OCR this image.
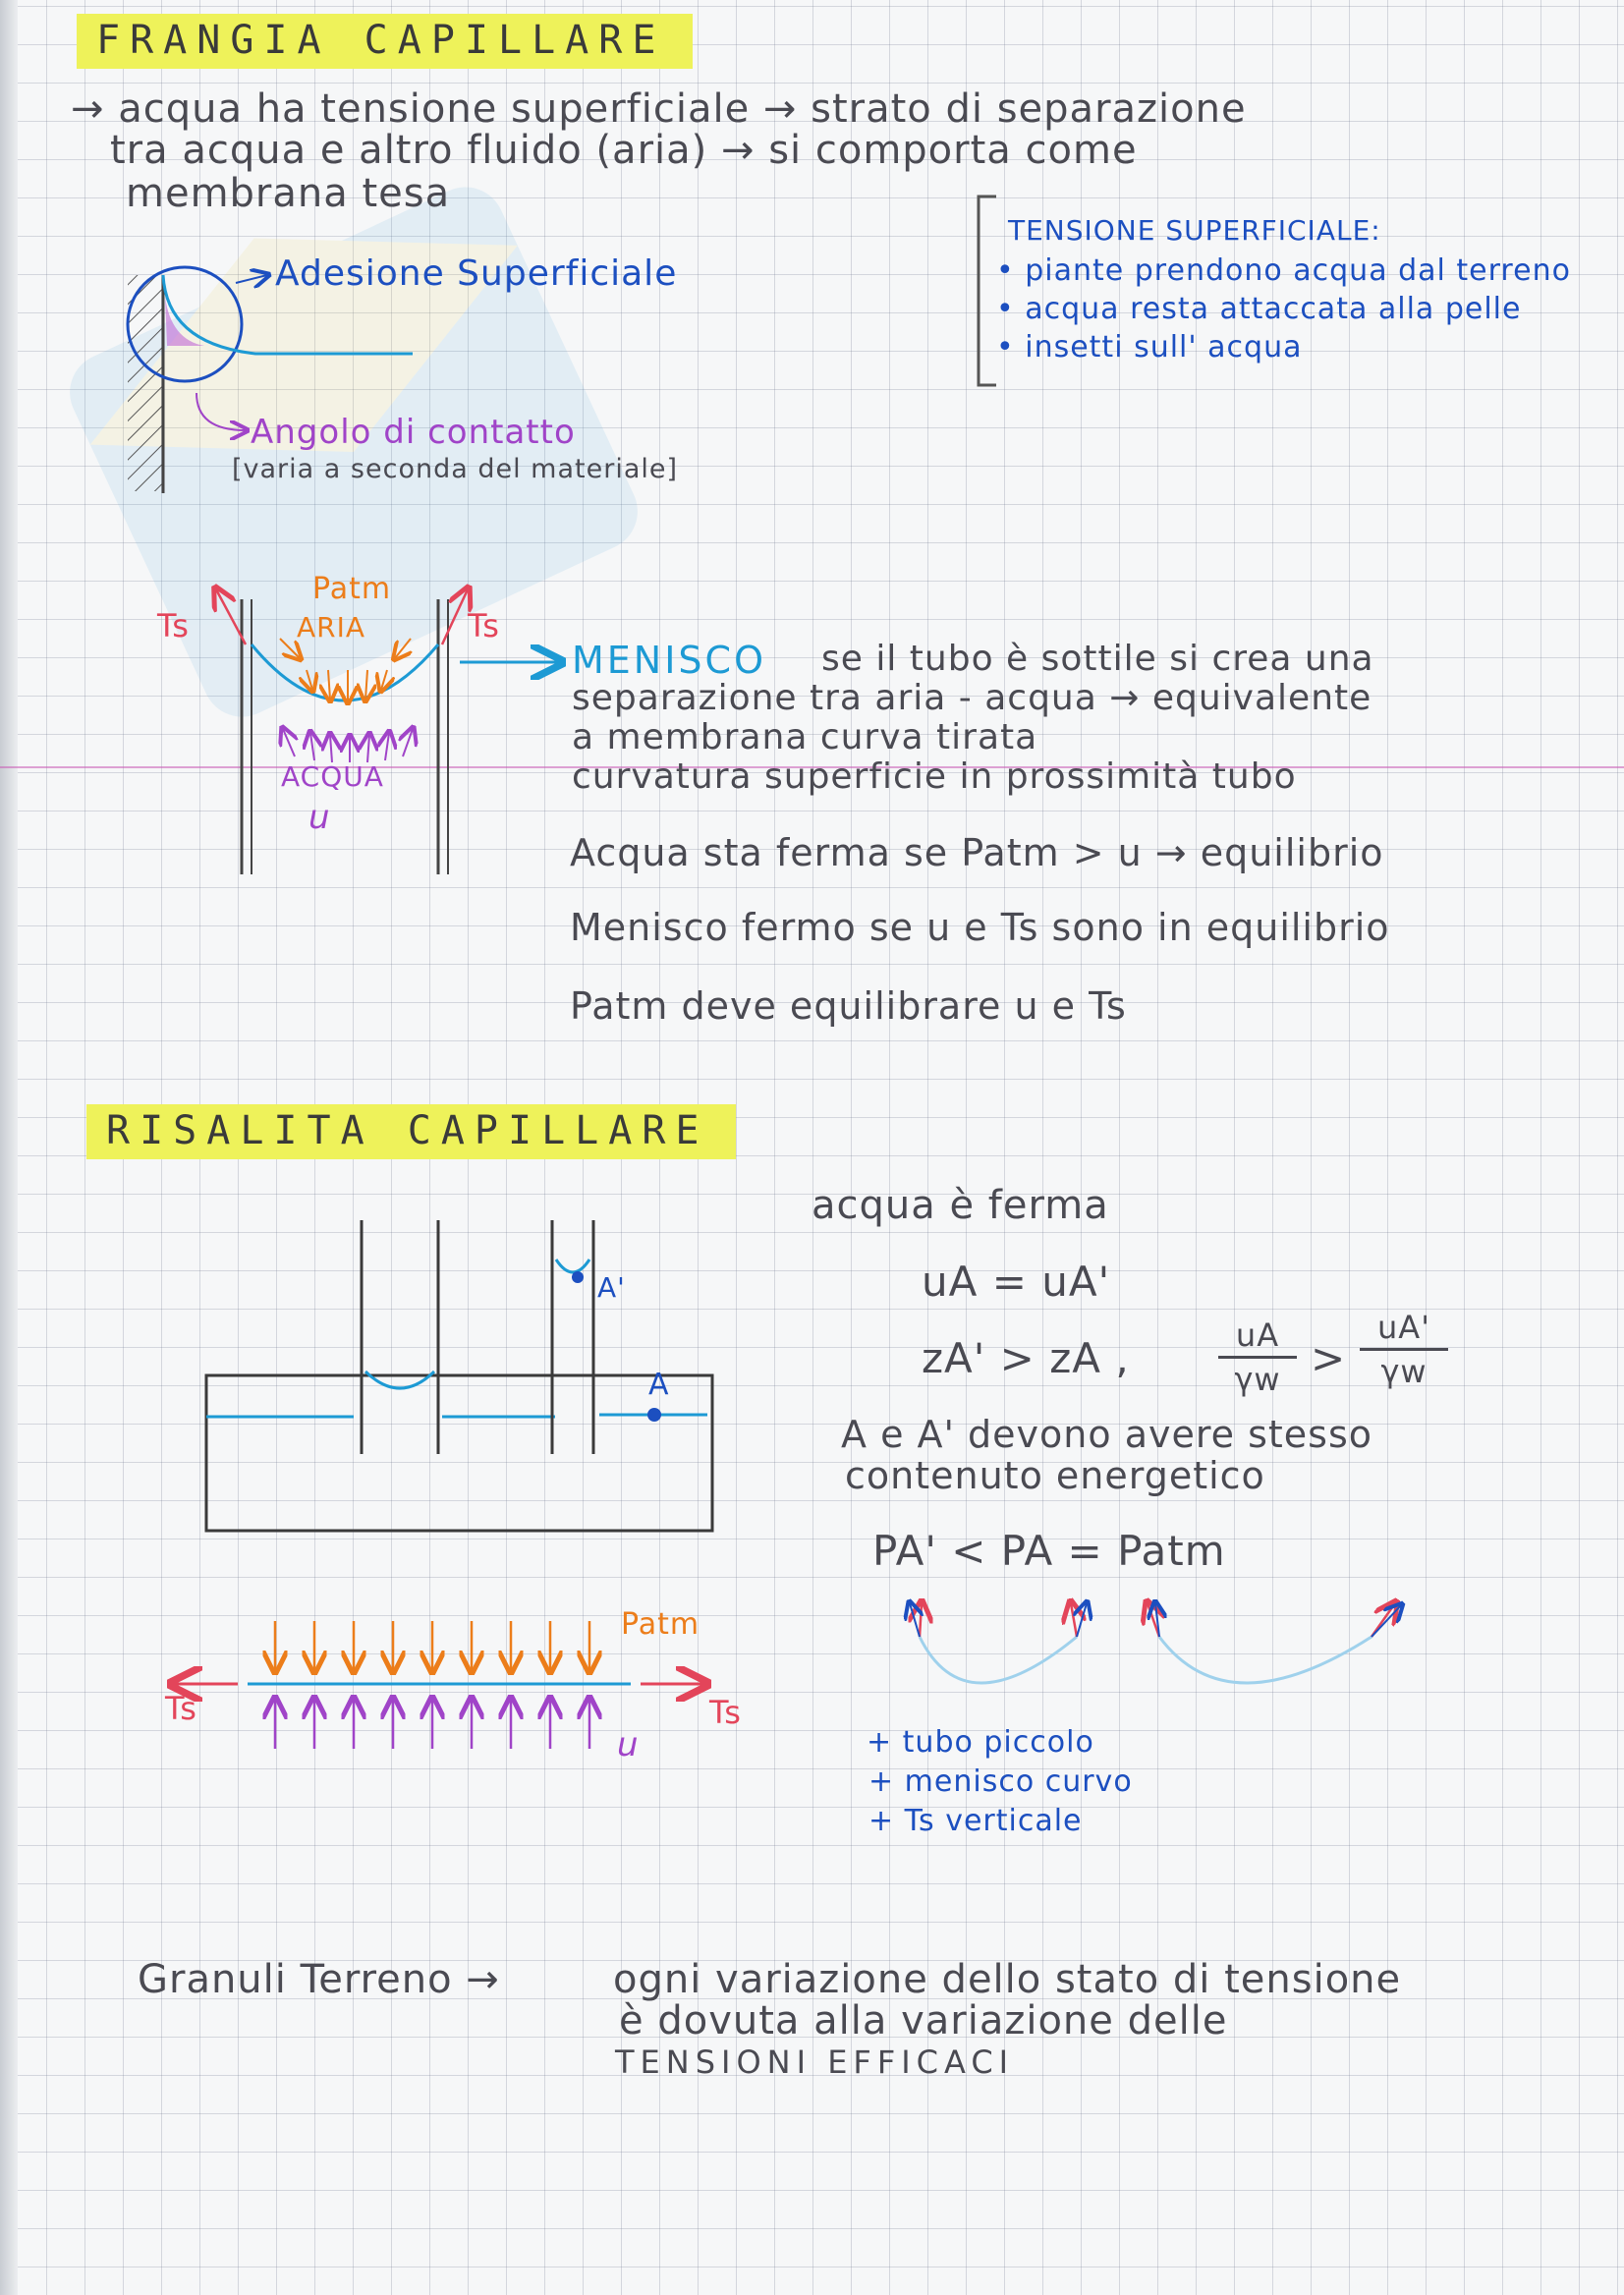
FRANGIA CAPILLARE
→ acqua ha tensione superficiale → strato di separazione
tra acqua e altro fluido (aria) → si comporta come
membrana tesa
Adesione Superficiale
Angolo di contatto
[varia a seconda del materiale]
TENSIONE SUPERFICIALE:
• piante prendono acqua dal terreno
• acqua resta attaccata alla pelle
• insetti sull' acqua
Patm
ARIA
ACQUA
u
Ts	Ts
MENISCO se il tubo è sottile si crea una
separazione tra aria - acqua → equivalente
a membrana curva tirata
curvatura superficie in prossimità tubo
Acqua sta ferma se Patm > u → equilibrio
Menisco fermo se u e Ts sono in equilibrio
Patm deve equilibrare u e Ts
RISALITA CAPILLARE
A'
A
acqua è ferma
uA = uA'
zA' > zA ,	uA
γw >
uA'
γw
A e A' devono avere stesso
contenuto energetico
PA' < PA = Patm
+ tubo piccolo
+ menisco curvo
+ Ts verticale
Patm
Ts	Ts
u
Granuli Terreno →	ogni variazione dello stato di tensione
è dovuta alla variazione delle
TENSIONI EFFICACI
